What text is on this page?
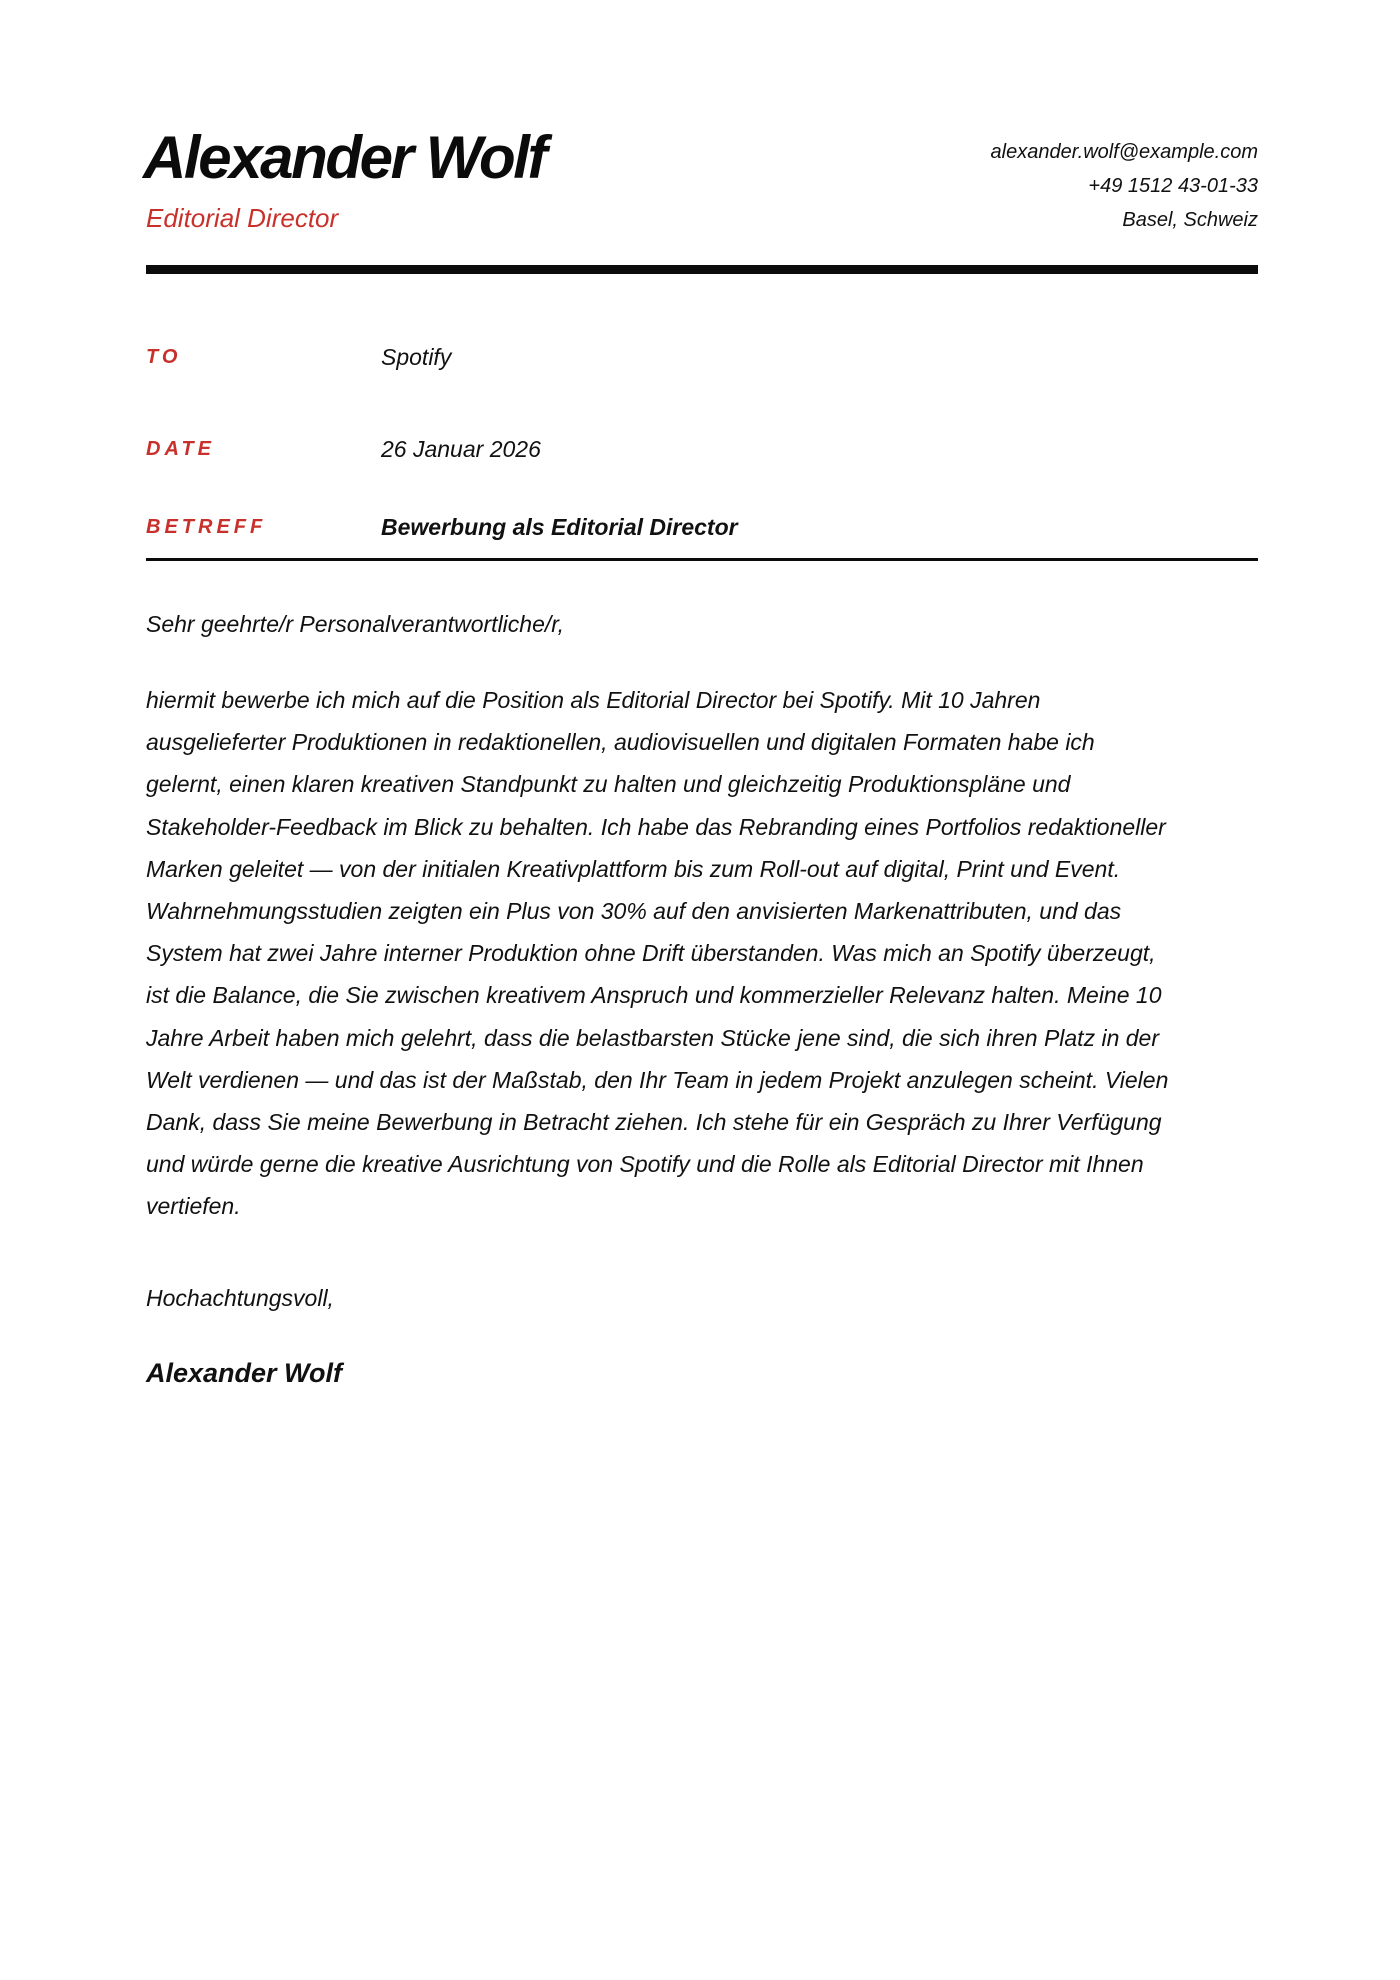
Alexander Wolf
Editorial Director
alexander.wolf@example.com
+49 1512 43-01-33
Basel, Schweiz
TO	Spotify
DATE	26 Januar 2026
BETREFF	Bewerbung als Editorial Director
Sehr geehrte/r Personalverantwortliche/r,
hiermit bewerbe ich mich auf die Position als Editorial Director bei Spotify. Mit 10 Jahren
ausgelieferter Produktionen in redaktionellen, audiovisuellen und digitalen Formaten habe ich
gelernt, einen klaren kreativen Standpunkt zu halten und gleichzeitig Produktionspläne und
Stakeholder-Feedback im Blick zu behalten. Ich habe das Rebranding eines Portfolios redaktioneller
Marken geleitet — von der initialen Kreativplattform bis zum Roll-out auf digital, Print und Event.
Wahrnehmungsstudien zeigten ein Plus von 30% auf den anvisierten Markenattributen, und das
System hat zwei Jahre interner Produktion ohne Drift überstanden. Was mich an Spotify überzeugt,
ist die Balance, die Sie zwischen kreativem Anspruch und kommerzieller Relevanz halten. Meine 10
Jahre Arbeit haben mich gelehrt, dass die belastbarsten Stücke jene sind, die sich ihren Platz in der
Welt verdienen — und das ist der Maßstab, den Ihr Team in jedem Projekt anzulegen scheint. Vielen
Dank, dass Sie meine Bewerbung in Betracht ziehen. Ich stehe für ein Gespräch zu Ihrer Verfügung
und würde gerne die kreative Ausrichtung von Spotify und die Rolle als Editorial Director mit Ihnen
vertiefen.
Hochachtungsvoll,
Alexander Wolf
